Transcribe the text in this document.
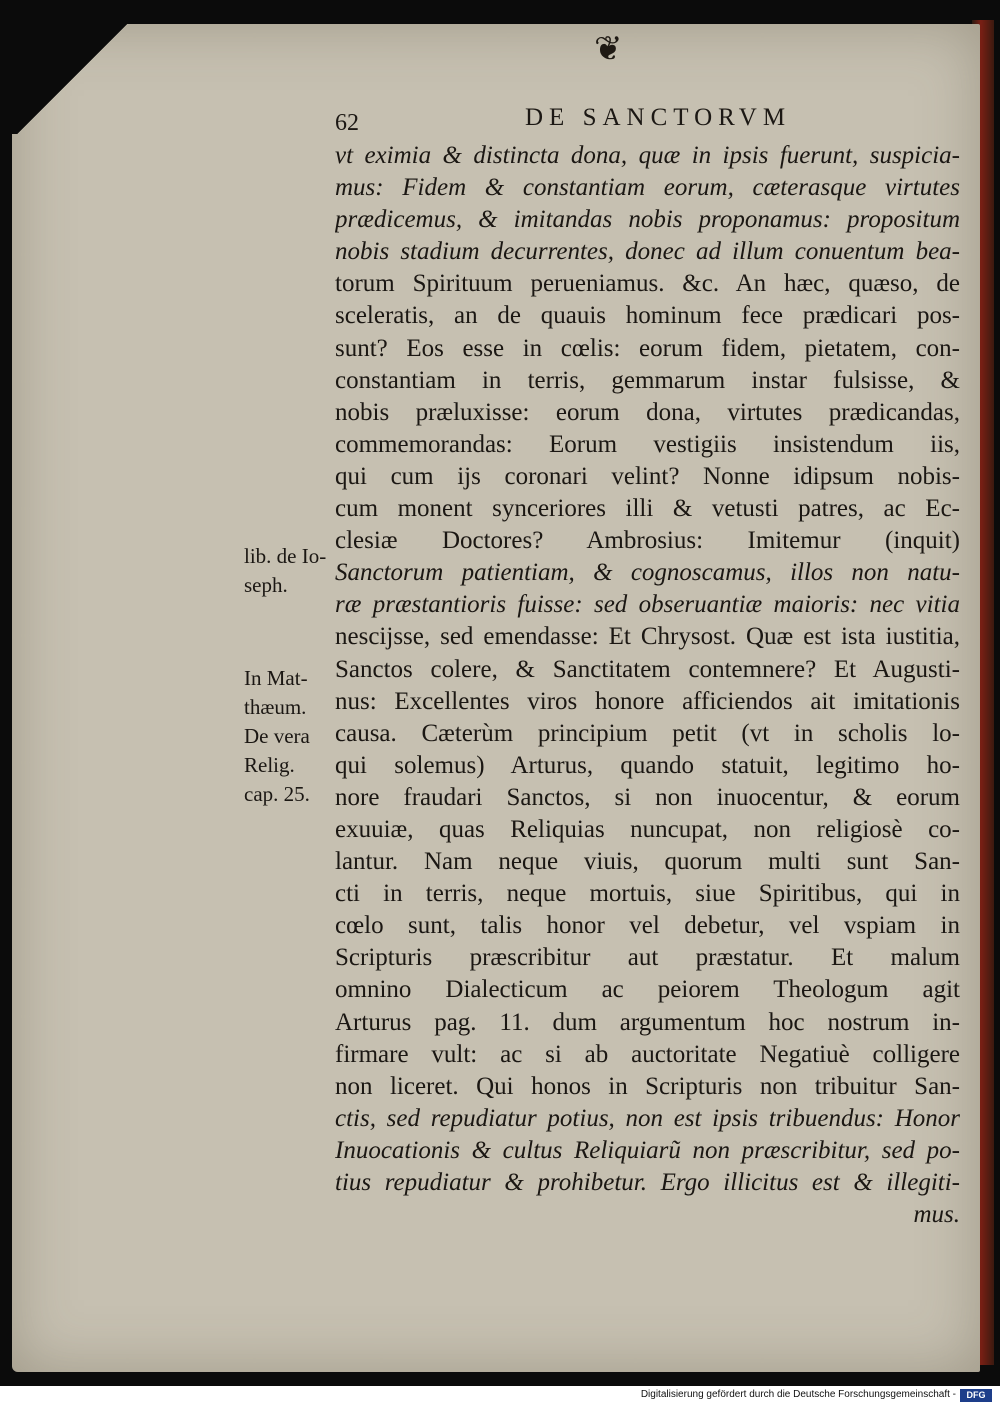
❦
62	DE SANCTORVM
vt eximia & distincta dona, quæ in ipsis fuerunt, suspicia-
mus: Fidem & constantiam eorum, cæterasque virtutes
prædicemus, & imitandas nobis proponamus: propositum
nobis stadium decurrentes, donec ad illum conuentum bea-
torum Spirituum perueniamus. &c. An hæc, quæso, de
sceleratis, an de quauis hominum fece prædicari pos-
sunt? Eos esse in cœlis: eorum fidem, pietatem, con-
constantiam in terris, gemmarum instar fulsisse, &
nobis præluxisse: eorum dona, virtutes prædicandas,
commemorandas: Eorum vestigiis insistendum iis,
qui cum ijs coronari velint? Nonne idipsum nobis-
cum monent synceriores illi & vetusti patres, ac Ec-
clesiæ Doctores? Ambrosius: Imitemur (inquit)
Sanctorum patientiam, & cognoscamus, illos non natu-
ræ præstantioris fuisse: sed obseruantiæ maioris: nec vitia
nescijsse, sed emendasse: Et Chrysost. Quæ est ista iustitia,
Sanctos colere, & Sanctitatem contemnere? Et Augusti-
nus: Excellentes viros honore afficiendos ait imitationis
causa. Cæterùm principium petit (vt in scholis lo-
qui solemus) Arturus, quando statuit, legitimo ho-
nore fraudari Sanctos, si non inuocentur, & eorum
exuuiæ, quas Reliquias nuncupat, non religiosè co-
lantur. Nam neque viuis, quorum multi sunt San-
cti in terris, neque mortuis, siue Spiritibus, qui in
cœlo sunt, talis honor vel debetur, vel vspiam in
Scripturis præscribitur aut præstatur. Et malum
omnino Dialecticum ac peiorem Theologum agit
Arturus pag. 11. dum argumentum hoc nostrum in-
firmare vult: ac si ab auctoritate Negatiuè colligere
non liceret. Qui honos in Scripturis non tribuitur San-
ctis, sed repudiatur potius, non est ipsis tribuendus: Honor
Inuocationis & cultus Reliquiarũ non præscribitur, sed po-
tius repudiatur & prohibetur. Ergo illicitus est & illegiti-
mus.
lib. de Io-
seph.
In Mat-
thæum.
De vera
Relig.
cap. 25.
Digitalisierung gefördert durch die Deutsche Forschungsgemeinschaft -	DFG
